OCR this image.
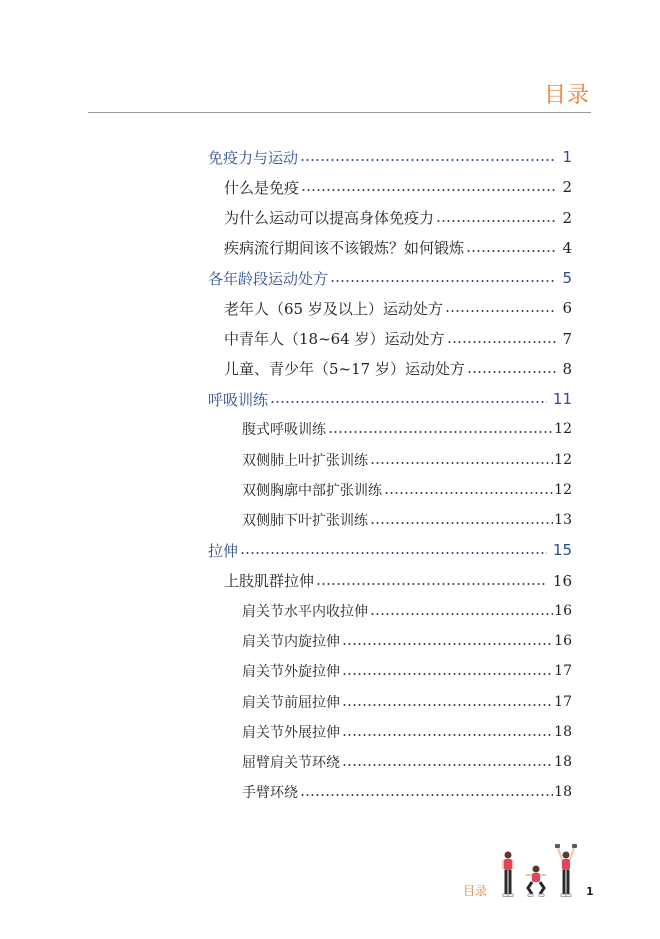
目录
免疫力与运动	1
什么是免疫	2
为什么运动可以提高身体免疫力	2
疾病流行期间该不该锻炼？如何锻炼	4
各年龄段运动处方	5
老年人（65 岁及以上）运动处方	6
中青年人（18~64 岁）运动处方	7
儿童、青少年（5~17 岁）运动处方	8
呼吸训练	11
腹式呼吸训练	12
双侧肺上叶扩张训练	12
双侧胸廓中部扩张训练	12
双侧肺下叶扩张训练	13
拉伸	15
上肢肌群拉伸	16
肩关节水平内收拉伸	16
肩关节内旋拉伸	16
肩关节外旋拉伸	17
肩关节前屈拉伸	17
肩关节外展拉伸	18
屈臂肩关节环绕	18
手臂环绕	18
目录	1
